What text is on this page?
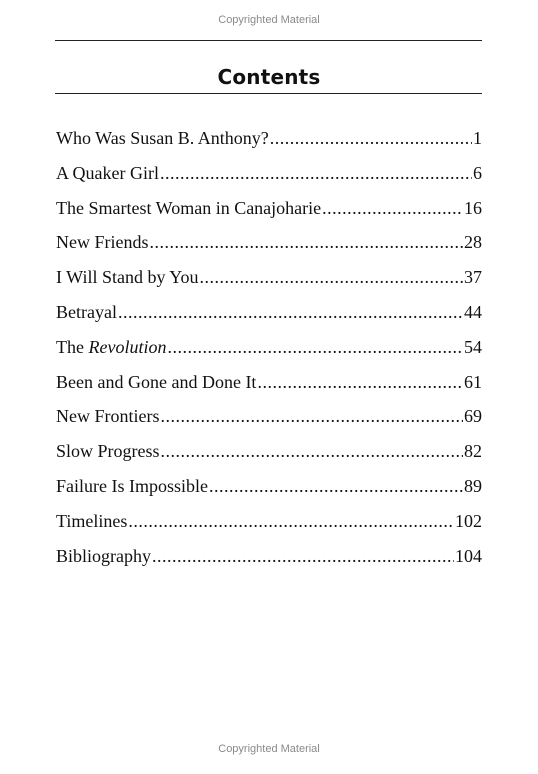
Copyrighted Material
Contents
Who Was Susan B. Anthony? .....	1
A Quaker Girl .....	6
The Smartest Woman in Canajoharie .....	16
New Friends .....	28
I Will Stand by You .....	37
Betrayal .....	44
The Revolution .....	54
Been and Gone and Done It .....	61
New Frontiers .....	69
Slow Progress .....	82
Failure Is Impossible .....	89
Timelines .....	102
Bibliography .....	104
Copyrighted Material
